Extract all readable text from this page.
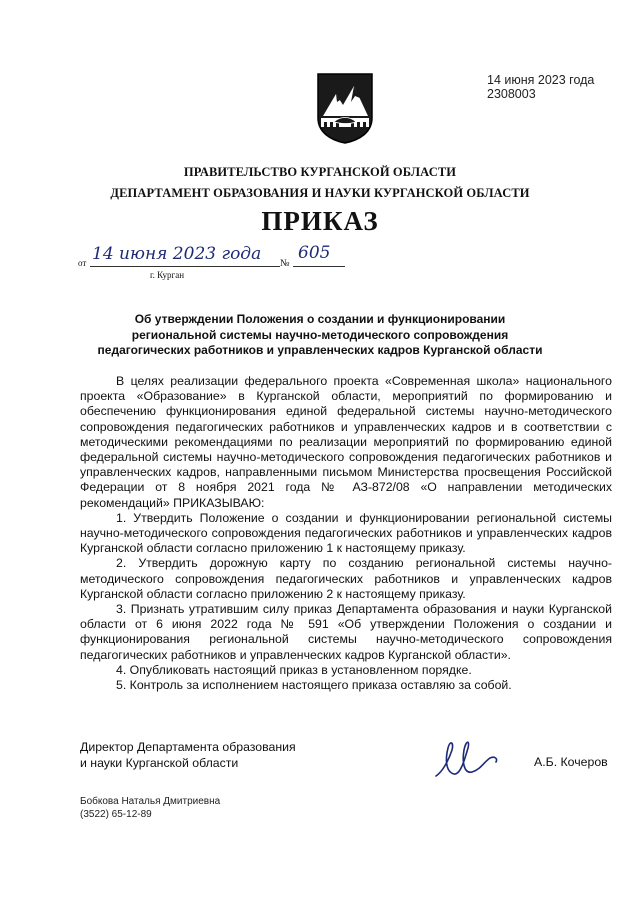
14 июня 2023 года
2308003
ПРАВИТЕЛЬСТВО КУРГАНСКОЙ ОБЛАСТИ
ДЕПАРТАМЕНТ ОБРАЗОВАНИЯ И НАУКИ КУРГАНСКОЙ ОБЛАСТИ
ПРИКАЗ
от 14 июня 2023 года №
605
г. Курган
Об утверждении Положения о создании и функционировании региональной системы научно-методического сопровождения педагогических работников и управленческих кадров Курганской области

В целях реализации федерального проекта «Современная школа» национального проекта «Образование» в Курганской области, мероприятий по формированию и обеспечению функционирования единой федеральной системы научно-методического сопровождения педагогических работников и управленческих кадров и в соответствии с методическими рекомендациями по реализации мероприятий по формированию единой федеральной системы научно-методического сопровождения педагогических работников и управленческих кадров, направленными письмом Министерства просвещения Российской Федерации от 8 ноября 2021 года № АЗ-872/08 «О направлении методических рекомендаций» ПРИКАЗЫВАЮ:

1. Утвердить Положение о создании и функционировании региональной системы научно-методического сопровождения педагогических работников и управленческих кадров Курганской области согласно приложению 1 к настоящему приказу.

2. Утвердить дорожную карту по созданию региональной системы научно-методического сопровождения педагогических работников и управленческих кадров Курганской области согласно приложению 2 к настоящему приказу.

3. Признать утратившим силу приказ Департамента образования и науки Курганской области от 6 июня 2022 года № 591 «Об утверждении Положения о создании и функционирования региональной системы научно-методического сопровождения педагогических работников и управленческих кадров Курганской области».

4. Опубликовать настоящий приказ в установленном порядке.

5. Контроль за исполнением настоящего приказа оставляю за собой.

Директор Департамента образования
и науки Курганской области	А.Б. Кочеров
Бобкова Наталья Дмитриевна
(3522) 65-12-89
